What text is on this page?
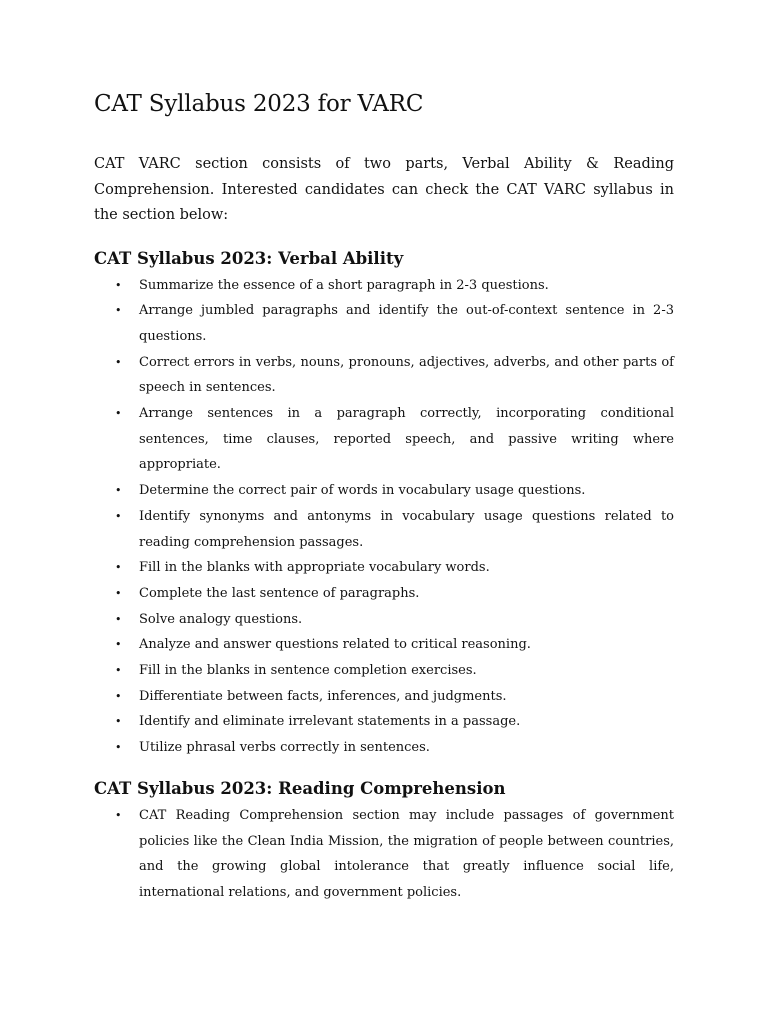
CAT Syllabus 2023 for VARC

CAT VARC section consists of two parts, Verbal Ability & Reading Comprehension. Interested candidates can check the CAT VARC syllabus in the section below:

CAT Syllabus 2023: Verbal Ability
• Summarize the essence of a short paragraph in 2-3 questions.
• Arrange jumbled paragraphs and identify the out-of-context sentence in 2-3 questions.
• Correct errors in verbs, nouns, pronouns, adjectives, adverbs, and other parts of speech in sentences.
• Arrange sentences in a paragraph correctly, incorporating conditional sentences, time clauses, reported speech, and passive writing where appropriate.
• Determine the correct pair of words in vocabulary usage questions.
• Identify synonyms and antonyms in vocabulary usage questions related to reading comprehension passages.
• Fill in the blanks with appropriate vocabulary words.
• Complete the last sentence of paragraphs.
• Solve analogy questions.
• Analyze and answer questions related to critical reasoning.
• Fill in the blanks in sentence completion exercises.
• Differentiate between facts, inferences, and judgments.
• Identify and eliminate irrelevant statements in a passage.
• Utilize phrasal verbs correctly in sentences.
CAT Syllabus 2023: Reading Comprehension
• CAT Reading Comprehension section may include passages of government policies like the Clean India Mission, the migration of people between countries, and the growing global intolerance that greatly influence social life, international relations, and government policies.
